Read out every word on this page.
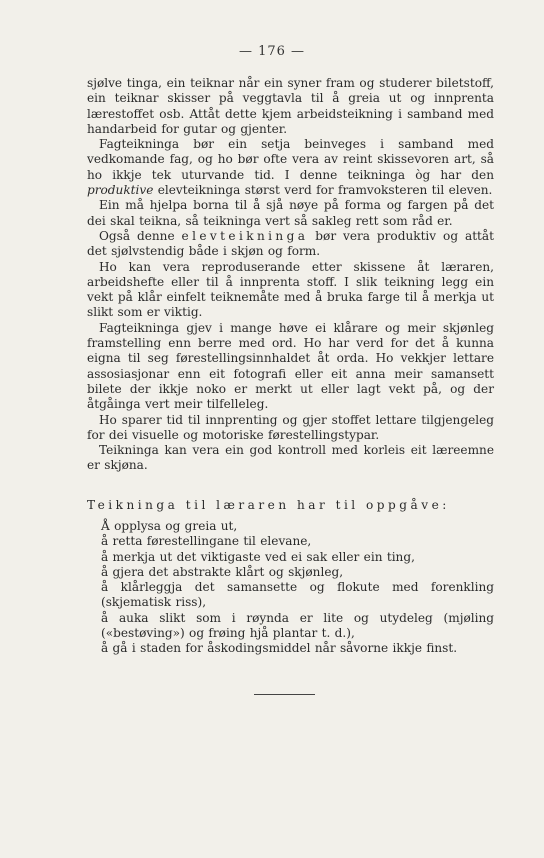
— 176 —

sjølve tinga, ein teiknar når ein syner fram og studerer biletstoff, ein teiknar skisser på veggtavla til å greia ut og innprenta lærestoffet osb. Attåt dette kjem arbeidsteikning i samband med handarbeid for gutar og gjenter.

Fagteikninga bør ein setja beinveges i samband med vedkomande fag, og ho bør ofte vera av reint skissevoren art, så ho ikkje tek uturvande tid. I denne teikninga òg har den produktive elevteikninga størst verd for framvoksteren til eleven.

Ein må hjelpa borna til å sjå nøye på forma og fargen på det dei skal teikna, så teikninga vert så sakleg rett som råd er.

Også denne elevteikninga bør vera produktiv og attåt det sjølvstendig både i skjøn og form.

Ho kan vera reproduserande etter skissene åt læraren, arbeidshefte eller til å innprenta stoff. I slik teikning legg ein vekt på klår einfelt teiknemåte med å bruka farge til å merkja ut slikt som er viktig.

Fagteikninga gjev i mange høve ei klårare og meir skjønleg framstelling enn berre med ord. Ho har verd for det å kunna eigna til seg førestellingsinnhaldet åt orda. Ho vekkjer lettare assosiasjonar enn eit fotografi eller eit anna meir samansett bilete der ikkje noko er merkt ut eller lagt vekt på, og der åtgåinga vert meir tilfelleleg.

Ho sparer tid til innprenting og gjer stoffet lettare tilgjengeleg for dei visuelle og motoriske førestellingstypar.

Teikninga kan vera ein god kontroll med korleis eit læreemne er skjøna.

Teikninga til læraren har til oppgåve:

Å opplysa og greia ut,

å retta førestellingane til elevane,

å merkja ut det viktigaste ved ei sak eller ein ting,

å gjera det abstrakte klårt og skjønleg,

å klårleggja det samansette og flokute med forenkling (skjematisk riss),

å auka slikt som i røynda er lite og utydeleg (mjøling («bestøving») og frøing hjå plantar t. d.),

å gå i staden for åskodingsmiddel når såvorne ikkje finst.
